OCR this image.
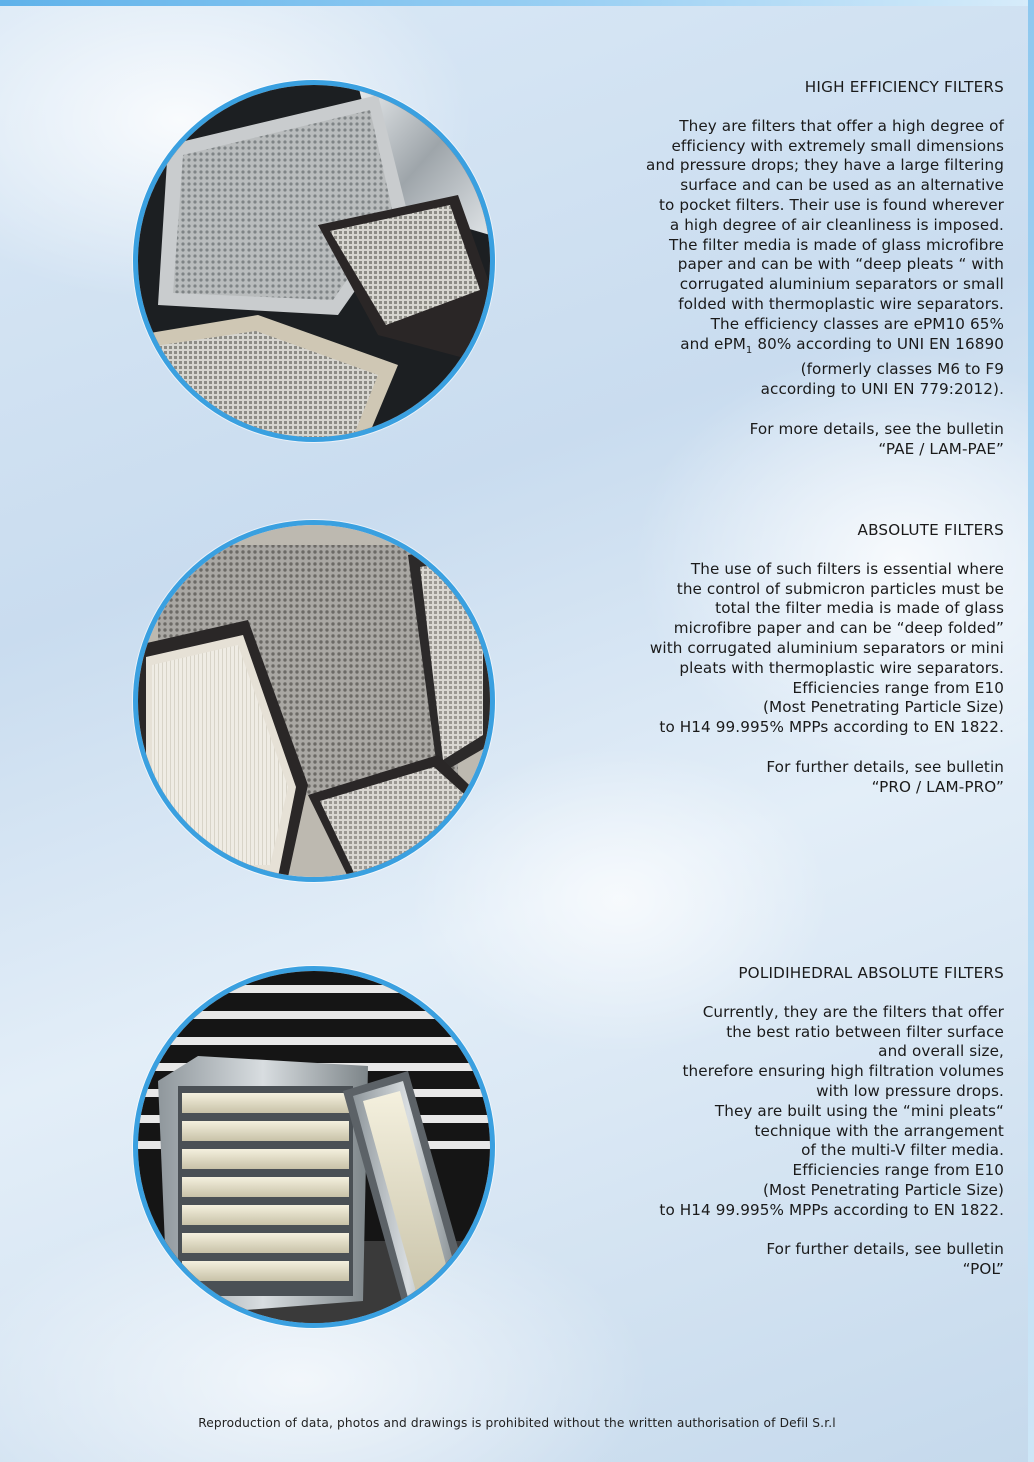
HIGH EFFICIENCY FILTERS

They are filters that offer a high degree of
efficiency with extremely small dimensions
and pressure drops; they have a large filtering
surface and can be used as an alternative
to pocket filters. Their use is found wherever
a high degree of air cleanliness is imposed.
The filter media is made of glass microfibre
paper and can be with “deep pleats “ with
corrugated aluminium separators or small
folded with thermoplastic wire separators.
The efficiency classes are ePM10 65%

and ePM$_1$ 80% according to UNI EN 16890

(formerly classes M6 to F9
according to UNI EN 779:2012).

For more details, see the bulletin
“PAE / LAM-PAE”

ABSOLUTE FILTERS

The use of such filters is essential where
the control of submicron particles must be
total the filter media is made of glass
microfibre paper and can be “deep folded”
with corrugated aluminium separators or mini
pleats with thermoplastic wire separators.
Efficiencies range from E10
(Most Penetrating Particle Size)
to H14 99.995% MPPs according to EN 1822.

For further details, see bulletin
“PRO / LAM-PRO”

POLIDIHEDRAL ABSOLUTE FILTERS

Currently, they are the filters that offer
the best ratio between filter surface
and overall size,
therefore ensuring high filtration volumes
with low pressure drops.
They are built using the “mini pleats“
technique with the arrangement
of the multi-V filter media.
Efficiencies range from E10
(Most Penetrating Particle Size)
to H14 99.995% MPPs according to EN 1822.

For further details, see bulletin
“POL”

Reproduction of data, photos and drawings is prohibited without the written authorisation of Defil S.r.l
